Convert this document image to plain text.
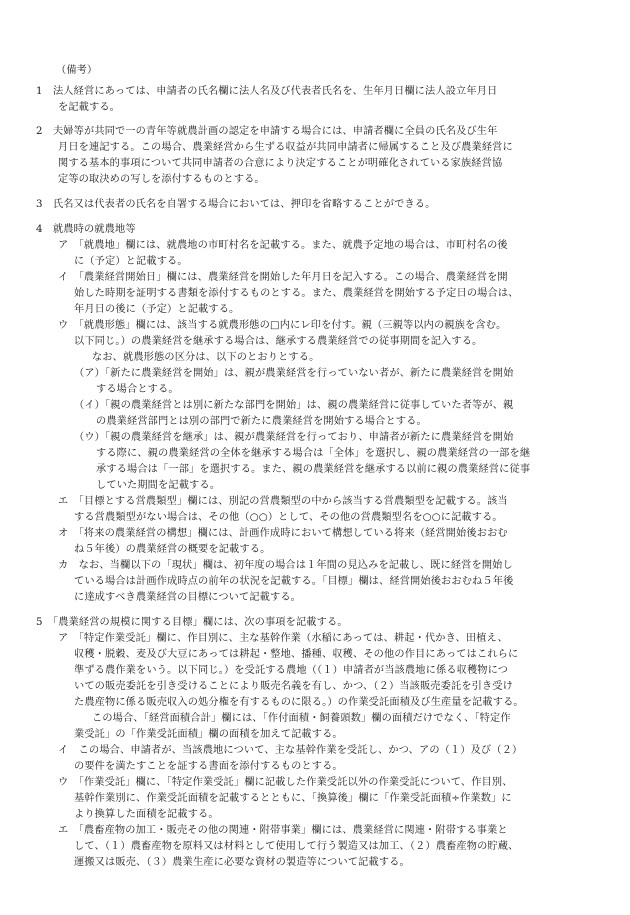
（備考）
1　法人経営にあっては、申請者の氏名欄に法人名及び代表者氏名を、生年月日欄に法人設立年月日
を記載する。
2　夫婦等が共同で一の青年等就農計画の認定を申請する場合には、申請者欄に全員の氏名及び生年
月日を連記する。この場合、農業経営から生ずる収益が共同申請者に帰属すること及び農業経営に
関する基本的事項について共同申請者の合意により決定することが明確化されている家族経営協
定等の取決めの写しを添付するものとする。
3　氏名又は代表者の氏名を自署する場合においては、押印を省略することができる。
4　就農時の就農地等
ア　「就農地」欄には、就農地の市町村名を記載する。また、就農予定地の場合は、市町村名の後
に（予定）と記載する。
イ　「農業経営開始日」欄には、農業経営を開始した年月日を記入する。この場合、農業経営を開
始した時期を証明する書類を添付するものとする。また、農業経営を開始する予定日の場合は、
年月日の後に（予定）と記載する。
ウ　「就農形態」欄には、該当する就農形態の□内にレ印を付す。親（三親等以内の親族を含む。
以下同じ。）の農業経営を継承する場合は、継承する農業経営での従事期間を記入する。
なお、就農形態の区分は、以下のとおりとする。
（ア）「新たに農業経営を開始」は、親が農業経営を行っていない者が、新たに農業経営を開始
する場合とする。
（イ）「親の農業経営とは別に新たな部門を開始」は、親の農業経営に従事していた者等が、親
の農業経営部門とは別の部門で新たに農業経営を開始する場合とする。
（ウ）「親の農業経営を継承」は、親が農業経営を行っており、申請者が新たに農業経営を開始
する際に、親の農業経営の全体を継承する場合は「全体」を選択し、親の農業経営の一部を継
承する場合は「一部」を選択する。また、親の農業経営を継承する以前に親の農業経営に従事
していた期間を記載する。
エ　「目標とする営農類型」欄には、別記の営農類型の中から該当する営農類型を記載する。該当
する営農類型がない場合は、その他（○○）として、その他の営農類型名を○○に記載する。
オ　「将来の農業経営の構想」欄には、計画作成時において構想している将来（経営開始後おおむ
ね５年後）の農業経営の概要を記載する。
カ　なお、当欄以下の「現状」欄は、初年度の場合は１年間の見込みを記載し、既に経営を開始し
ている場合は計画作成時点の前年の状況を記載する。「目標」欄は、経営開始後おおむね５年後
に達成すべき農業経営の目標について記載する。
5　「農業経営の規模に関する目標」欄には、次の事項を記載する。
ア　「特定作業受託」欄に、作目別に、主な基幹作業（水稲にあっては、耕起・代かき、田植え、
収穫・脱穀、麦及び大豆にあっては耕起・整地、播種、収穫、その他の作目にあってはこれらに
準ずる農作業をいう。以下同じ。）を受託する農地（（１）申請者が当該農地に係る収穫物につ
いての販売委託を引き受けることにより販売名義を有し、かつ、（２）当該販売委託を引き受け
た農産物に係る販売収入の処分権を有するものに限る。）の作業受託面積及び生産量を記載する。
この場合、「経営面積合計」欄には、「作付面積・飼養頭数」欄の面積だけでなく、「特定作
業受託」の「作業受託面積」欄の面積を加えて記載する。
イ　この場合、申請者が、当該農地について、主な基幹作業を受託し、かつ、アの（１）及び（２）
の要件を満たすことを証する書面を添付するものとする。
ウ　「作業受託」欄に、「特定作業受託」欄に記載した作業受託以外の作業受託について、作目別、
基幹作業別に、作業受託面積を記載するとともに、「換算後」欄に「作業受託面積÷作業数」に
より換算した面積を記載する。
エ　「農畜産物の加工・販売その他の関連・附帯事業」欄には、農業経営に関連・附帯する事業と
して、（１）農畜産物を原料又は材料として使用して行う製造又は加工、（２）農畜産物の貯蔵、
運搬又は販売、（３）農業生産に必要な資材の製造等について記載する。
